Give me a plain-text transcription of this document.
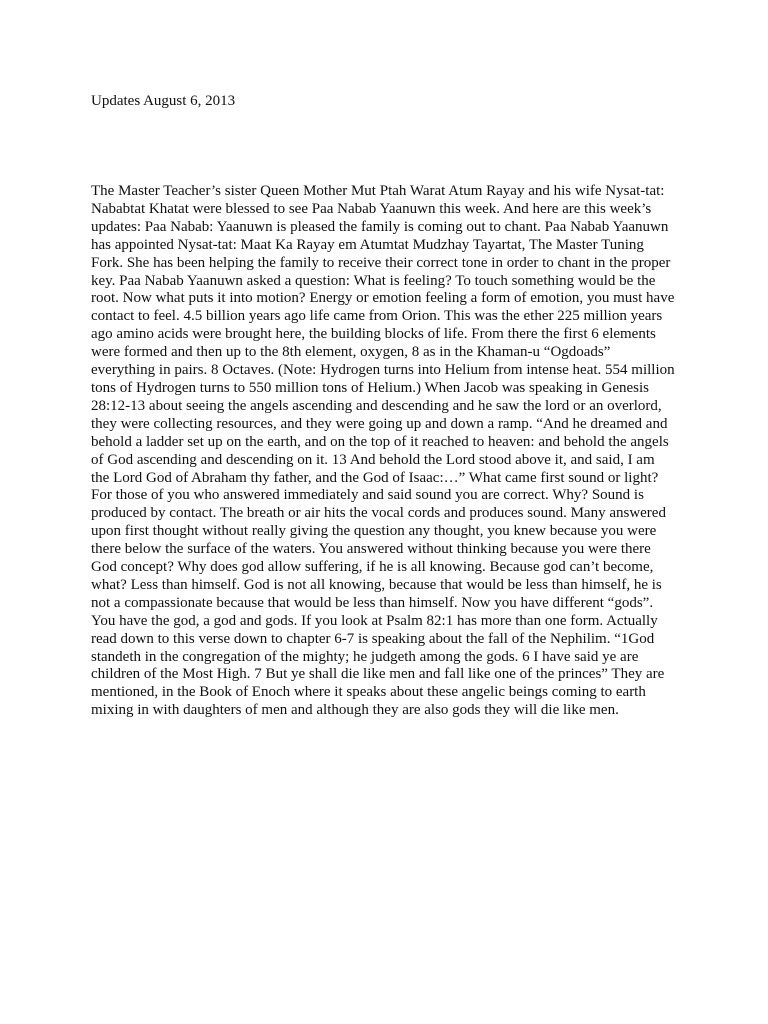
Updates August 6, 2013
The Master Teacher’s sister Queen Mother Mut Ptah Warat Atum Rayay and his wife Nysat-tat:
Nababtat Khatat were blessed to see Paa Nabab Yaanuwn this week. And here are this week’s
updates: Paa Nabab: Yaanuwn is pleased the family is coming out to chant. Paa Nabab Yaanuwn
has appointed Nysat-tat: Maat Ka Rayay em Atumtat Mudzhay Tayartat, The Master Tuning
Fork. She has been helping the family to receive their correct tone in order to chant in the proper
key. Paa Nabab Yaanuwn asked a question: What is feeling? To touch something would be the
root. Now what puts it into motion? Energy or emotion feeling a form of emotion, you must have
contact to feel. 4.5 billion years ago life came from Orion. This was the ether 225 million years
ago amino acids were brought here, the building blocks of life. From there the first 6 elements
were formed and then up to the 8th element, oxygen, 8 as in the Khaman-u “Ogdoads”
everything in pairs. 8 Octaves. (Note: Hydrogen turns into Helium from intense heat. 554 million
tons of Hydrogen turns to 550 million tons of Helium.) When Jacob was speaking in Genesis
28:12-13 about seeing the angels ascending and descending and he saw the lord or an overlord,
they were collecting resources, and they were going up and down a ramp. “And he dreamed and
behold a ladder set up on the earth, and on the top of it reached to heaven: and behold the angels
of God ascending and descending on it. 13 And behold the Lord stood above it, and said, I am
the Lord God of Abraham thy father, and the God of Isaac:…” What came first sound or light?
For those of you who answered immediately and said sound you are correct. Why? Sound is
produced by contact. The breath or air hits the vocal cords and produces sound. Many answered
upon first thought without really giving the question any thought, you knew because you were
there below the surface of the waters. You answered without thinking because you were there
God concept? Why does god allow suffering, if he is all knowing. Because god can’t become,
what? Less than himself. God is not all knowing, because that would be less than himself, he is
not a compassionate because that would be less than himself. Now you have different “gods”.
You have the god, a god and gods. If you look at Psalm 82:1 has more than one form. Actually
read down to this verse down to chapter 6-7 is speaking about the fall of the Nephilim. “1God
standeth in the congregation of the mighty; he judgeth among the gods. 6 I have said ye are
children of the Most High. 7 But ye shall die like men and fall like one of the princes” They are
mentioned, in the Book of Enoch where it speaks about these angelic beings coming to earth
mixing in with daughters of men and although they are also gods they will die like men.
